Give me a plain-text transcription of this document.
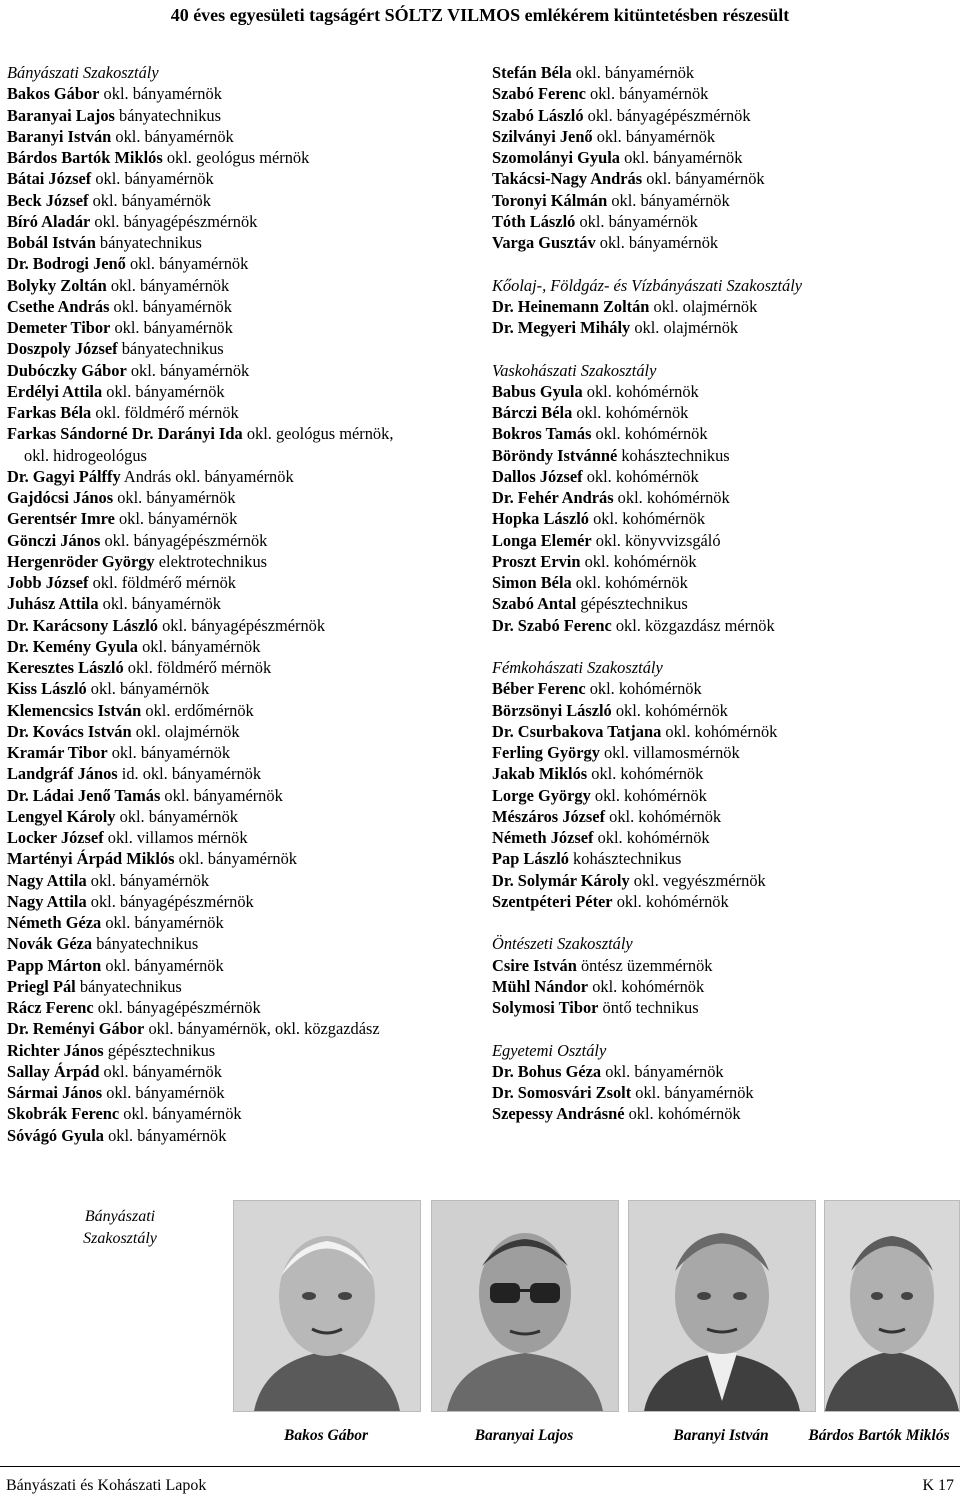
40 éves egyesületi tagságért SÓLTZ VILMOS emlékérem kitüntetésben részesült
Bányászati Szakosztály
Bakos Gábor okl. bányamérnök
Baranyai Lajos bányatechnikus
Baranyi István okl. bányamérnök
Bárdos Bartók Miklós okl. geológus mérnök
Bátai József okl. bányamérnök
Beck József okl. bányamérnök
Bíró Aladár okl. bányagépészmérnök
Bobál István bányatechnikus
Dr. Bodrogi Jenő okl. bányamérnök
Bolyky Zoltán okl. bányamérnök
Csethe András okl. bányamérnök
Demeter Tibor okl. bányamérnök
Doszpoly József bányatechnikus
Dubóczky Gábor okl. bányamérnök
Erdélyi Attila okl. bányamérnök
Farkas Béla okl. földmérő mérnök
Farkas Sándorné Dr. Darányi Ida okl. geológus mérnök,
okl. hidrogeológus
Dr. Gagyi Pálffy András okl. bányamérnök
Gajdócsi János okl. bányamérnök
Gerentsér Imre okl. bányamérnök
Gönczi János okl. bányagépészmérnök
Hergenröder György elektrotechnikus
Jobb József okl. földmérő mérnök
Juhász Attila okl. bányamérnök
Dr. Karácsony László okl. bányagépészmérnök
Dr. Kemény Gyula okl. bányamérnök
Keresztes László okl. földmérő mérnök
Kiss László okl. bányamérnök
Klemencsics István okl. erdőmérnök
Dr. Kovács István okl. olajmérnök
Kramár Tibor okl. bányamérnök
Landgráf János id. okl. bányamérnök
Dr. Ládai Jenő Tamás okl. bányamérnök
Lengyel Károly okl. bányamérnök
Locker József okl. villamos mérnök
Martényi Árpád Miklós okl. bányamérnök
Nagy Attila okl. bányamérnök
Nagy Attila okl. bányagépészmérnök
Németh Géza okl. bányamérnök
Novák Géza bányatechnikus
Papp Márton okl. bányamérnök
Priegl Pál bányatechnikus
Rácz Ferenc okl. bányagépészmérnök
Dr. Reményi Gábor okl. bányamérnök, okl. közgazdász
Richter János gépésztechnikus
Sallay Árpád okl. bányamérnök
Sármai János okl. bányamérnök
Skobrák Ferenc okl. bányamérnök
Sóvágó Gyula okl. bányamérnök
Stefán Béla okl. bányamérnök
Szabó Ferenc okl. bányamérnök
Szabó László okl. bányagépészmérnök
Szilványi Jenő okl. bányamérnök
Szomolányi Gyula okl. bányamérnök
Takácsi-Nagy András okl. bányamérnök
Toronyi Kálmán okl. bányamérnök
Tóth László okl. bányamérnök
Varga Gusztáv okl. bányamérnök
Kőolaj-, Földgáz- és Vízbányászati Szakosztály
Dr. Heinemann Zoltán okl. olajmérnök
Dr. Megyeri Mihály okl. olajmérnök
Vaskohászati Szakosztály
Babus Gyula okl. kohómérnök
Bárczi Béla okl. kohómérnök
Bokros Tamás okl. kohómérnök
Böröndy Istvánné kohásztechnikus
Dallos József okl. kohómérnök
Dr. Fehér András okl. kohómérnök
Hopka László okl. kohómérnök
Longa Elemér okl. könyvvizsgáló
Proszt Ervin okl. kohómérnök
Simon Béla okl. kohómérnök
Szabó Antal gépésztechnikus
Dr. Szabó Ferenc okl. közgazdász mérnök
Fémkohászati Szakosztály
Béber Ferenc okl. kohómérnök
Börzsönyi László okl. kohómérnök
Dr. Csurbakova Tatjana okl. kohómérnök
Ferling György okl. villamosmérnök
Jakab Miklós okl. kohómérnök
Lorge György okl. kohómérnök
Mészáros József okl. kohómérnök
Németh József okl. kohómérnök
Pap László kohásztechnikus
Dr. Solymár Károly okl. vegyészmérnök
Szentpéteri Péter okl. kohómérnök
Öntészeti Szakosztály
Csire István öntész üzemmérnök
Mühl Nándor okl. kohómérnök
Solymosi Tibor öntő technikus
Egyetemi Osztály
Dr. Bohus Géza okl. bányamérnök
Dr. Somosvári Zsolt okl. bányamérnök
Szepessy Andrásné okl. kohómérnök
Bányászati
Szakosztály
Bakos Gábor	Baranyai Lajos	Baranyi István	Bárdos Bartók Miklós
Bányászati és Kohászati Lapok	K 17
